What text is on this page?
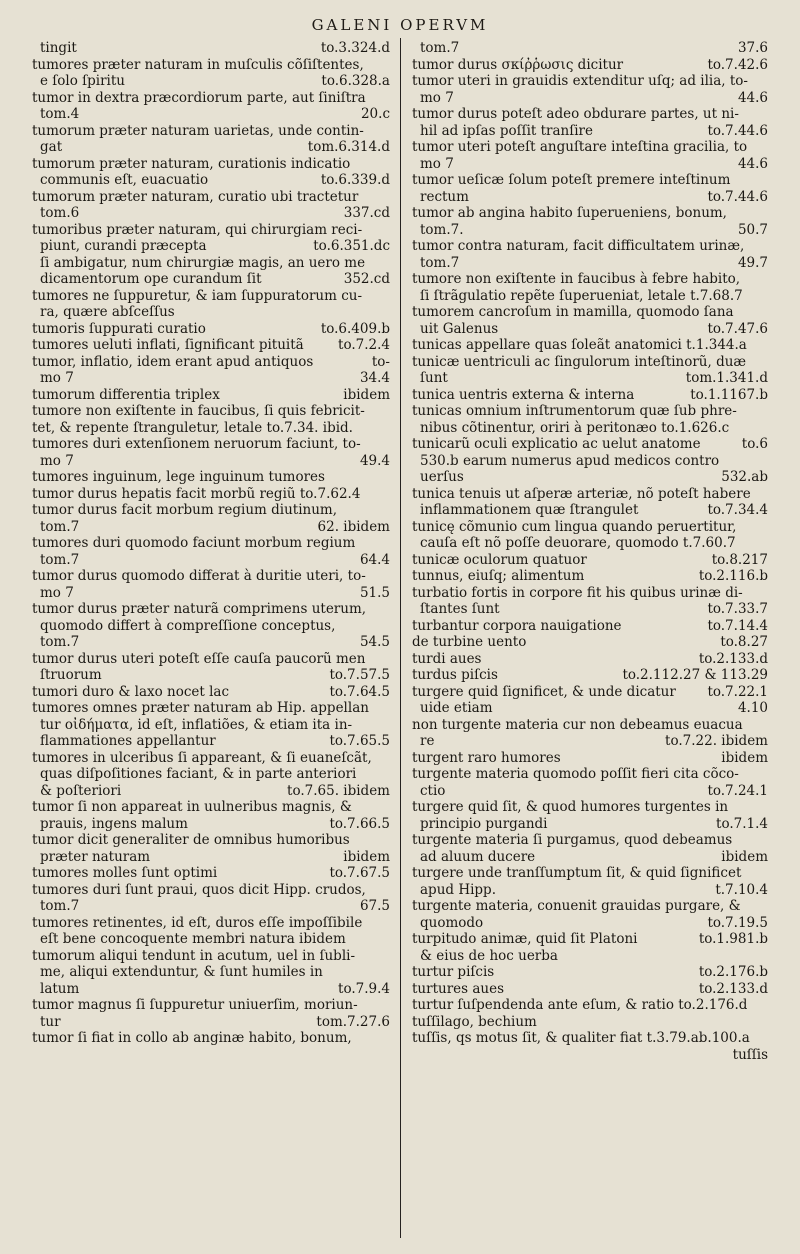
GALENI OPERVM
tingit	to.3.324.d
tumores præter naturam in muſculis cõſiſtentes,
e ſolo ſpiritu	to.6.328.a
tumor in dextra præcordiorum parte, aut ſiniſtra
tom.4	20.c
tumorum præter naturam uarietas, unde contin-
gat	tom.6.314.d
tumorum præter naturam, curationis indicatio
communis eſt, euacuatio	to.6.339.d
tumorum præter naturam, curatio ubi tractetur
tom.6	337.cd
tumoribus præter naturam, qui chirurgiam reci-
piunt, curandi præcepta	to.6.351.dc
ſi ambigatur, num chirurgiæ magis, an uero me
dicamentorum ope curandum ſit	352.cd
tumores ne ſuppuretur, & iam ſuppuratorum cu-
ra, quære abſceſſus
tumoris ſuppurati curatio	to.6.409.b
tumores ueluti inflati, ſignificant pituitã	to.7.2.4
tumor, inflatio, idem erant apud antiquos	to-
mo 7	34.4
tumorum differentia triplex	ibidem
tumore non exiſtente in faucibus, ſi quis febricit-
tet, & repente ſtranguletur, letale to.7.34. ibid.
tumores duri extenſionem neruorum faciunt, to-
mo 7	49.4
tumores inguinum, lege inguinum tumores
tumor durus hepatis facit morbũ regiũ to.7.62.4
tumor durus facit morbum regium diutinum,
tom.7	62. ibidem
tumores duri quomodo faciunt morbum regium
tom.7	64.4
tumor durus quomodo differat à duritie uteri, to-
mo 7	51.5
tumor durus præter naturã comprimens uterum,
quomodo differt à compreſſione conceptus,
tom.7	54.5
tumor durus uteri poteſt eſſe cauſa paucorũ men
ſtruorum	to.7.57.5
tumori duro & laxo nocet lac	to.7.64.5
tumores omnes præter naturam ab Hip. appellan
tur οἰδήματα, id eſt, inflatiões, & etiam ita in-
flammationes appellantur	to.7.65.5
tumores in ulceribus ſi appareant, & ſi euaneſcãt,
quas diſpoſitiones faciant, & in parte anteriori
& poſteriori	to.7.65. ibidem
tumor ſi non appareat in uulneribus magnis, &
prauis, ingens malum	to.7.66.5
tumor dicit generaliter de omnibus humoribus
præter naturam	ibidem
tumores molles ſunt optimi	to.7.67.5
tumores duri ſunt praui, quos dicit Hipp. crudos,
tom.7	67.5
tumores retinentes, id eſt, duros eſſe impoſſibile
eſt bene concoquente membri natura ibidem
tumorum aliqui tendunt in acutum, uel in ſubli-
me, aliqui extenduntur, & ſunt humiles in
latum	to.7.9.4
tumor magnus ſi ſuppuretur uniuerſim, moriun-
tur	tom.7.27.6
tumor ſi fiat in collo ab anginæ habito, bonum,
tom.7	37.6
tumor durus σκίῤῥωσις dicitur	to.7.42.6
tumor uteri in grauidis extenditur uſq; ad ilia, to-
mo 7	44.6
tumor durus poteſt adeo obdurare partes, ut ni-
hil ad ipſas poſſit tranſire	to.7.44.6
tumor uteri poteſt anguſtare inteſtina gracilia, to
mo 7	44.6
tumor ueſicæ ſolum poteſt premere inteſtinum
rectum	to.7.44.6
tumor ab angina habito ſuperueniens, bonum,
tom.7.	50.7
tumor contra naturam, facit difficultatem urinæ,
tom.7	49.7
tumore non exiſtente in faucibus à febre habito,
ſi ſtrãgulatio repẽte ſuperueniat, letale t.7.68.7
tumorem cancroſum in mamilla, quomodo ſana
uit Galenus	to.7.47.6
tunicas appellare quas ſoleãt anatomici t.1.344.a
tunicæ uentriculi ac ſingulorum inteſtinorũ, duæ
ſunt	tom.1.341.d
tunica uentris externa & interna	to.1.1167.b
tunicas omnium inſtrumentorum quæ ſub phre-
nibus cõtinentur, oriri à peritonæo to.1.626.c
tunicarũ oculi explicatio ac uelut anatome	to.6
530.b earum numerus apud medicos contro
uerſus	532.ab
tunica tenuis ut aſperæ arteriæ, nõ poteſt habere
inflammationem quæ ſtrangulet	to.7.34.4
tunicę cõmunio cum lingua quando peruertitur,
cauſa eſt nõ poſſe deuorare, quomodo t.7.60.7
tunicæ oculorum quatuor	to.8.217
tunnus, eiuſq; alimentum	to.2.116.b
turbatio fortis in corpore fit his quibus urinæ di-
ſtantes ſunt	to.7.33.7
turbantur corpora nauigatione	to.7.14.4
de turbine uento	to.8.27
turdi aues	to.2.133.d
turdus piſcis	to.2.112.27 & 113.29
turgere quid ſignificet, & unde dicatur to.7.22.1
uide etiam	4.10
non turgente materia cur non debeamus euacua
re	to.7.22. ibidem
turgent raro humores	ibidem
turgente materia quomodo poſſit fieri cita cõco-
ctio	to.7.24.1
turgere quid ſit, & quod humores turgentes in
principio purgandi	to.7.1.4
turgente materia ſi purgamus, quod debeamus
ad aluum ducere	ibidem
turgere unde tranſſumptum ſit, & quid ſignificet
apud Hipp.	t.7.10.4
turgente materia, conuenit grauidas purgare, &
quomodo	to.7.19.5
turpitudo animæ, quid ſit Platoni	to.1.981.b
& eius de hoc uerba
turtur piſcis	to.2.176.b
turtures aues	to.2.133.d
turtur ſuſpendenda ante eſum, & ratio to.2.176.d
tuſſilago, bechium
tuſſis, qs motus ſit, & qualiter fiat t.3.79.ab.100.a
tuſſis
